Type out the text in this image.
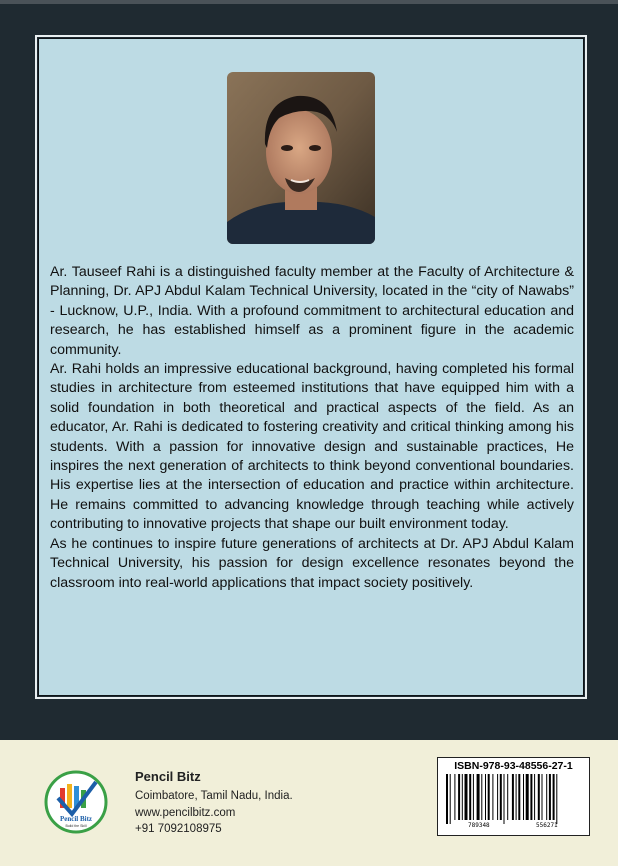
Ar. Tauseef Rahi is a distinguished faculty member at the Faculty of Architecture & Planning, Dr. APJ Abdul Kalam Technical University, located in the “city of Nawabs” - Lucknow, U.P., India. With a profound commitment to architectural education and research, he has established himself as a prominent figure in the academic community.

Ar. Rahi holds an impressive educational background, having completed his formal studies in architecture from esteemed institutions that have equipped him with a solid foundation in both theoretical and practical aspects of the field. As an educator, Ar. Rahi is dedicated to fostering creativity and critical thinking among his students. With a passion for innovative design and sustainable practices, He inspires the next generation of architects to think beyond conventional boundaries. His expertise lies at the intersection of education and practice within architecture. He remains committed to advancing knowledge through teaching while actively contributing to innovative projects that shape our built environment today.

As he continues to inspire future generations of architects at Dr. APJ Abdul Kalam Technical University, his passion for design excellence resonates beyond the classroom into real-world applications that impact society positively.

Pencil Bitz
Build the Skill
Pencil Bitz
Coimbatore, Tamil Nadu, India.
www.pencilbitz.com
+91 7092108975
ISBN-978-93-48556-27-1
789348	556271
